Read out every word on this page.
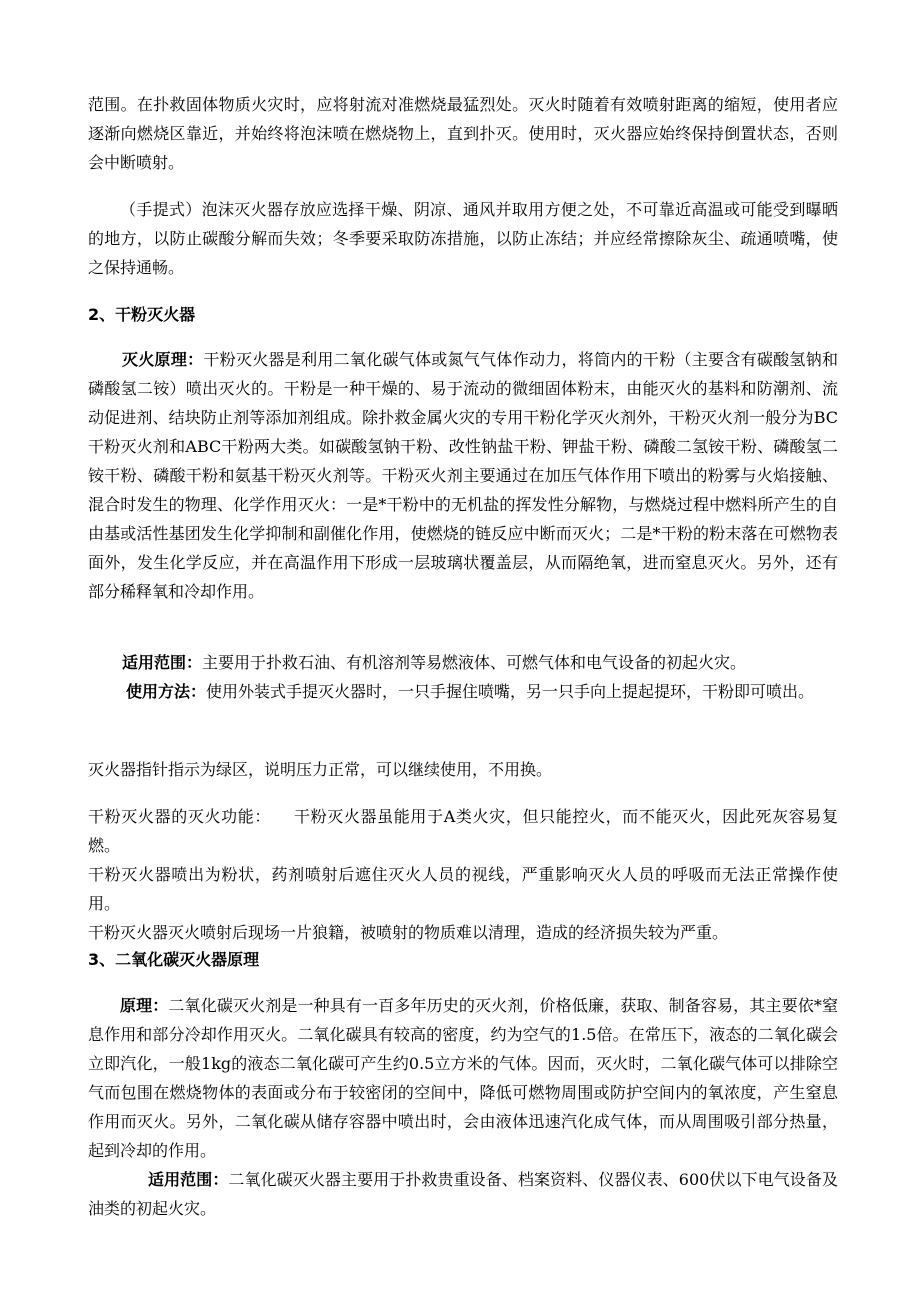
范围。在扑救固体物质火灾时，应将射流对准燃烧最猛烈处。灭火时随着有效喷射距离的缩短，使用者应逐渐向燃烧区靠近，并始终将泡沫喷在燃烧物上，直到扑灭。使用时，灭火器应始终保持倒置状态，否则会中断喷射。

（手提式）泡沫灭火器存放应选择干燥、阴凉、通风并取用方便之处，不可靠近高温或可能受到曝晒的地方，以防止碳酸分解而失效；冬季要采取防冻措施，以防止冻结；并应经常擦除灰尘、疏通喷嘴，使之保持通畅。

2、干粉灭火器

灭火原理：干粉灭火器是利用二氧化碳气体或氮气气体作动力，将筒内的干粉（主要含有碳酸氢钠和磷酸氢二铵）喷出灭火的。干粉是一种干燥的、易于流动的微细固体粉末，由能灭火的基料和防潮剂、流动促进剂、结块防止剂等添加剂组成。除扑救金属火灾的专用干粉化学灭火剂外，干粉灭火剂一般分为BC干粉灭火剂和ABC干粉两大类。如碳酸氢钠干粉、改性钠盐干粉、钾盐干粉、磷酸二氢铵干粉、磷酸氢二铵干粉、磷酸干粉和氨基干粉灭火剂等。干粉灭火剂主要通过在加压气体作用下喷出的粉雾与火焰接触、混合时发生的物理、化学作用灭火：一是*干粉中的无机盐的挥发性分解物，与燃烧过程中燃料所产生的自由基或活性基团发生化学抑制和副催化作用，使燃烧的链反应中断而灭火；二是*干粉的粉末落在可燃物表面外，发生化学反应，并在高温作用下形成一层玻璃状覆盖层，从而隔绝氧，进而窒息灭火。另外，还有部分稀释氧和冷却作用。

适用范围：主要用于扑救石油、有机溶剂等易燃液体、可燃气体和电气设备的初起火灾。

使用方法：使用外装式手提灭火器时，一只手握住喷嘴，另一只手向上提起提环，干粉即可喷出。

灭火器指针指示为绿区，说明压力正常，可以继续使用，不用换。

干粉灭火器的灭火功能：    干粉灭火器虽能用于A类火灾，但只能控火，而不能灭火，因此死灰容易复燃。

干粉灭火器喷出为粉状，药剂喷射后遮住灭火人员的视线，严重影响灭火人员的呼吸而无法正常操作使用。

干粉灭火器灭火喷射后现场一片狼籍，被喷射的物质难以清理，造成的经济损失较为严重。

3、二氧化碳灭火器原理

原理：二氧化碳灭火剂是一种具有一百多年历史的灭火剂，价格低廉，获取、制备容易，其主要依*窒息作用和部分冷却作用灭火。二氧化碳具有较高的密度，约为空气的1.5倍。在常压下，液态的二氧化碳会立即汽化，一般1kg的液态二氧化碳可产生约0.5立方米的气体。因而，灭火时，二氧化碳气体可以排除空气而包围在燃烧物体的表面或分布于较密闭的空间中，降低可燃物周围或防护空间内的氧浓度，产生窒息作用而灭火。另外，二氧化碳从储存容器中喷出时，会由液体迅速汽化成气体，而从周围吸引部分热量，起到冷却的作用。

适用范围：二氧化碳灭火器主要用于扑救贵重设备、档案资料、仪器仪表、600伏以下电气设备及油类的初起火灾。
